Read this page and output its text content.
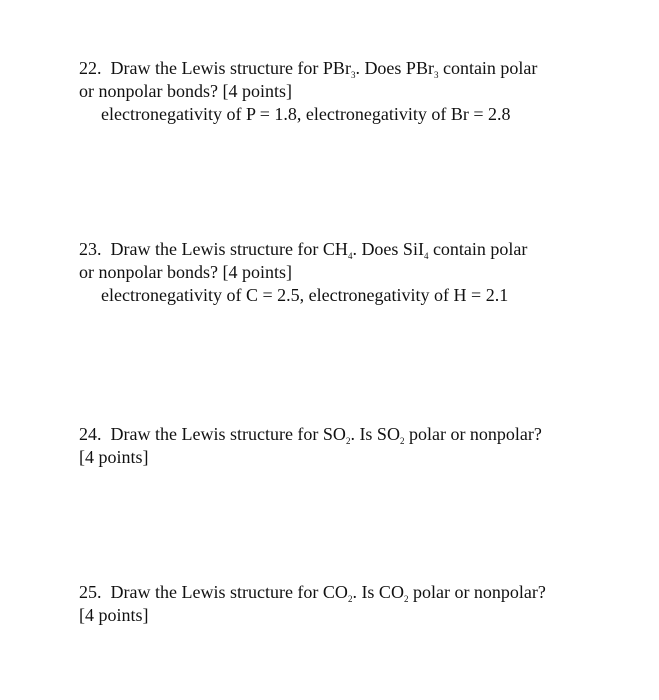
22. Draw the Lewis structure for PBr$_3$. Does PBr$_3$ contain polar
or nonpolar bonds? [4 points]
electronegativity of P = 1.8, electronegativity of Br = 2.8
23. Draw the Lewis structure for $CH_4$. Does SiI$_4$ contain polar
or nonpolar bonds? [4 points]
electronegativity of C = 2.5, electronegativity of H = 2.1
24. Draw the Lewis structure for $SO_2$. Is $SO_2$ polar or nonpolar?
[4 points]
25. Draw the Lewis structure for $CO_2$. Is $CO_2$ polar or nonpolar?
[4 points]
